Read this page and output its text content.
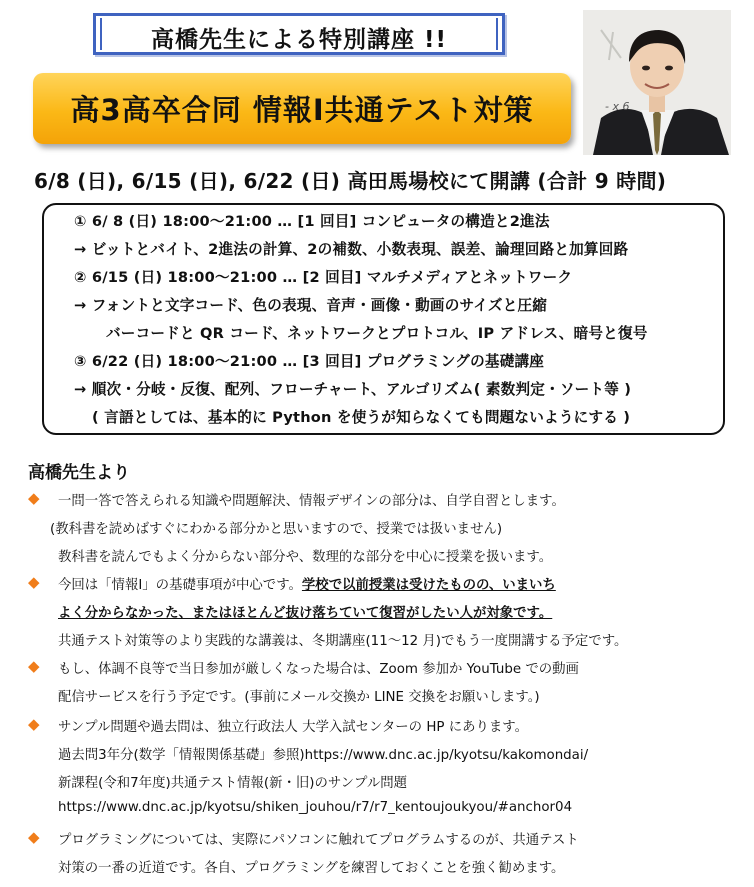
高橋先生による特別講座 !!
高3高卒合同 情報Ⅰ共通テスト対策	- x 6
6/8 (日), 6/15 (日), 6/22 (日) 高田馬場校にて開講 (合計 9 時間)
① 6/ 8 (日) 18:00～21:00 … [1 回目] コンピュータの構造と2進法
→ ビットとバイト、2進法の計算、2の補数、小数表現、誤差、論理回路と加算回路
② 6/15 (日) 18:00～21:00 … [2 回目] マルチメディアとネットワーク
→ フォントと文字コード、色の表現、音声・画像・動画のサイズと圧縮
バーコードと QR コード、ネットワークとプロトコル、IP アドレス、暗号と復号
③ 6/22 (日) 18:00～21:00 … [3 回目] プログラミングの基礎講座
→ 順次・分岐・反復、配列、フローチャート、アルゴリズム( 素数判定・ソート等 )
( 言語としては、基本的に Python を使うが知らなくても問題ないようにする )
高橋先生より
◆ 一問一答で答えられる知識や問題解決、情報デザインの部分は、自学自習とします。
(教科書を読めばすぐにわかる部分かと思いますので、授業では扱いません)
教科書を読んでもよく分からない部分や、数理的な部分を中心に授業を扱います。
◆ 今回は「情報Ⅰ」の基礎事項が中心です。学校で以前授業は受けたものの、いまいち
よく分からなかった、またはほとんど抜け落ちていて復習がしたい人が対象です。
共通テスト対策等のより実践的な講義は、冬期講座(11～12 月)でもう一度開講する予定です。
◆ もし、体調不良等で当日参加が厳しくなった場合は、Zoom 参加か YouTube での動画
配信サービスを行う予定です。(事前にメール交換か LINE 交換をお願いします。)
◆ サンプル問題や過去問は、独立行政法人 大学入試センターの HP にあります。
過去問3年分(数学「情報関係基礎」参照)https://www.dnc.ac.jp/kyotsu/kakomondai/
新課程(令和7年度)共通テスト情報(新・旧)のサンプル問題
https://www.dnc.ac.jp/kyotsu/shiken_jouhou/r7/r7_kentoujoukyou/#anchor04
◆ プログラミングについては、実際にパソコンに触れてプログラムするのが、共通テスト
対策の一番の近道です。各自、プログラミングを練習しておくことを強く勧めます。
